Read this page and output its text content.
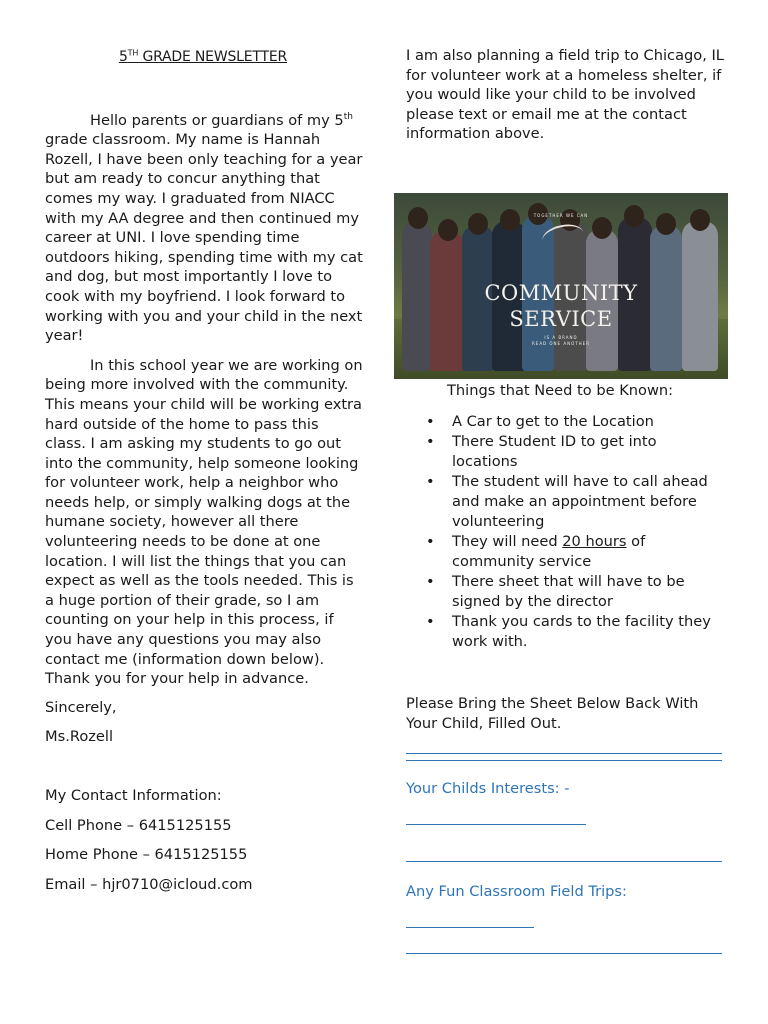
5TH GRADE NEWSLETTER

Hello parents or guardians of my 5th grade classroom. My name is Hannah Rozell, I have been only teaching for a year but am ready to concur anything that comes my way. I graduated from NIACC with my AA degree and then continued my career at UNI. I love spending time outdoors hiking, spending time with my cat and dog, but most importantly I love to cook with my boyfriend. I look forward to working with you and your child in the next year!

In this school year we are working on being more involved with the community. This means your child will be working extra hard outside of the home to pass this class. I am asking my students to go out into the community, help someone looking for volunteer work, help a neighbor who needs help, or simply walking dogs at the humane society, however all there volunteering needs to be done at one location. I will list the things that you can expect as well as the tools needed. This is a huge portion of their grade, so I am counting on your help in this process, if you have any questions you may also contact me (information down below). Thank you for your help in advance.

Sincerely,

Ms.Rozell

My Contact Information:

Cell Phone – 6415125155

Home Phone – 6415125155

Email – hjr0710@icloud.com

I am also planning a field trip to Chicago, IL for volunteer work at a homeless shelter, if you would like your child to be involved please text or email me at the contact information above.

TOGETHER WE CAN
COMMUNITY
SERVICE
IS A BRAND
READ ONE ANOTHER
Things that Need to be Known:
• A Car to get to the Location
• There Student ID to get into locations
• The student will have to call ahead and make an appointment before volunteering
• They will need 20 hours of community service
• There sheet that will have to be signed by the director
• Thank you cards to the facility they work with.
Please Bring the Sheet Below Back With Your Child, Filled Out.
Your Childs Interests: -
Any Fun Classroom Field Trips:
